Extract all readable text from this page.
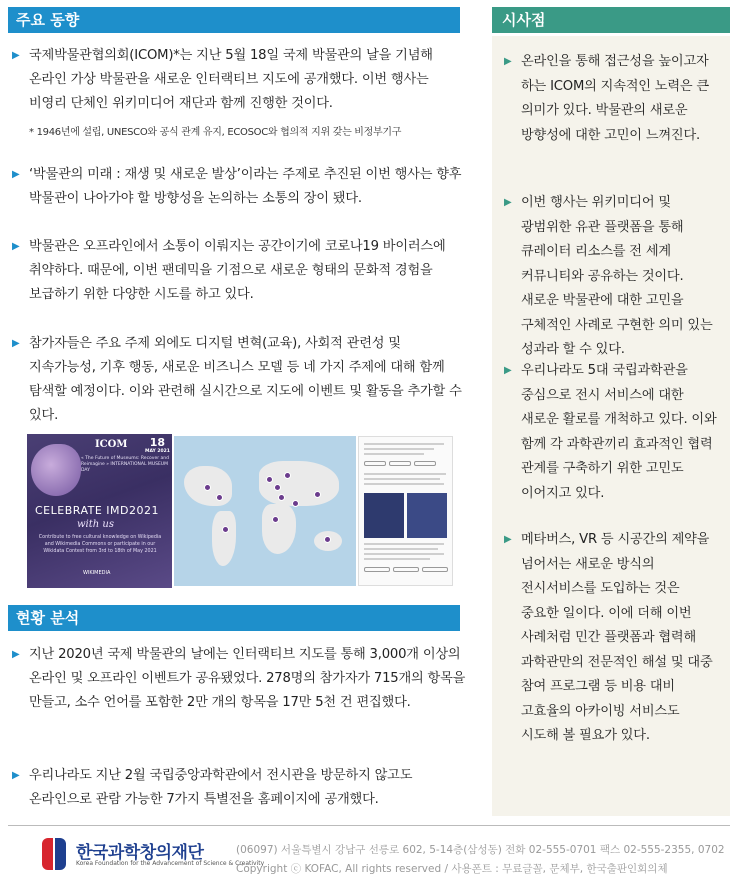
주요 동향
▶ 국제박물관협의회(ICOM)*는 지난 5월 18일 국제 박물관의 날을 기념해 온라인 가상 박물관을 새로운 인터랙티브 지도에 공개했다. 이번 행사는 비영리 단체인 위키미디어 재단과 함께 진행한 것이다.
* 1946년에 설립, UNESCO와 공식 관계 유지, ECOSOC와 협의적 지위 갖는 비정부기구
▶ ‘박물관의 미래 : 재생 및 새로운 발상’이라는 주제로 추진된 이번 행사는 향후 박물관이 나아가야 할 방향성을 논의하는 소통의 장이 됐다.
▶ 박물관은 오프라인에서 소통이 이뤄지는 공간이기에 코로나19 바이러스에 취약하다. 때문에, 이번 팬데믹을 기점으로 새로운 형태의 문화적 경험을 보급하기 위한 다양한 시도를 하고 있다.
▶ 참가자들은 주요 주제 외에도 디지털 변혁(교육), 사회적 관련성 및 지속가능성, 기후 행동, 새로운 비즈니스 모델 등 네 가지 주제에 대해 함께 탐색할 예정이다. 이와 관련해 실시간으로 지도에 이벤트 및 활동을 추가할 수 있다.
ICOM	18
MAY 2021
« The Future of Museums: Recover and Reimagine » INTERNATIONAL MUSEUM DAY
CELEBRATE IMD2021
with us
Contribute to free cultural knowledge on Wikipedia and Wikimedia Commons or participate in our Wikidata Contest from 3rd to 18th of May 2021
WIKIMEDIA
현황 분석
▶ 지난 2020년 국제 박물관의 날에는 인터랙티브 지도를 통해 3,000개 이상의 온라인 및 오프라인 이벤트가 공유됐었다. 278명의 참가자가 715개의 항목을 만들고, 소수 언어를 포함한 2만 개의 항목을 17만 5천 건 편집했다.
▶ 우리나라도 지난 2월 국립중앙과학관에서 전시관을 방문하지 않고도 온라인으로 관람 가능한 7가지 특별전을 홈페이지에 공개했다.
시사점
▶ 온라인을 통해 접근성을 높이고자 하는 ICOM의 지속적인 노력은 큰 의미가 있다. 박물관의 새로운 방향성에 대한 고민이 느껴진다.
▶ 이번 행사는 위키미디어 및 광범위한 유관 플랫폼을 통해 큐레이터 리소스를 전 세계 커뮤니티와 공유하는 것이다. 새로운 박물관에 대한 고민을 구체적인 사례로 구현한 의미 있는 성과라 할 수 있다.
▶ 우리나라도 5대 국립과학관을 중심으로 전시 서비스에 대한 새로운 활로를 개척하고 있다. 이와 함께 각 과학관끼리 효과적인 협력 관계를 구축하기 위한 고민도 이어지고 있다.
▶ 메타버스, VR 등 시공간의 제약을 넘어서는 새로운 방식의 전시서비스를 도입하는 것은 중요한 일이다. 이에 더해 이번 사례처럼 민간 플랫폼과 협력해 과학관만의 전문적인 해설 및 대중 참여 프로그램 등 비용 대비 고효율의 아카이빙 서비스도 시도해 볼 필요가 있다.
한국과학창의재단
Korea Foundation for the Advancement of Science & Creativity
(06097) 서울특별시 강남구 선릉로 602, 5-14층(삼성동) 전화 02-555-0701 팩스 02-555-2355, 0702
Copyright ⓒ KOFAC, All rights reserved / 사용폰트 : 무료글꼴, 문체부, 한국출판인회의체
